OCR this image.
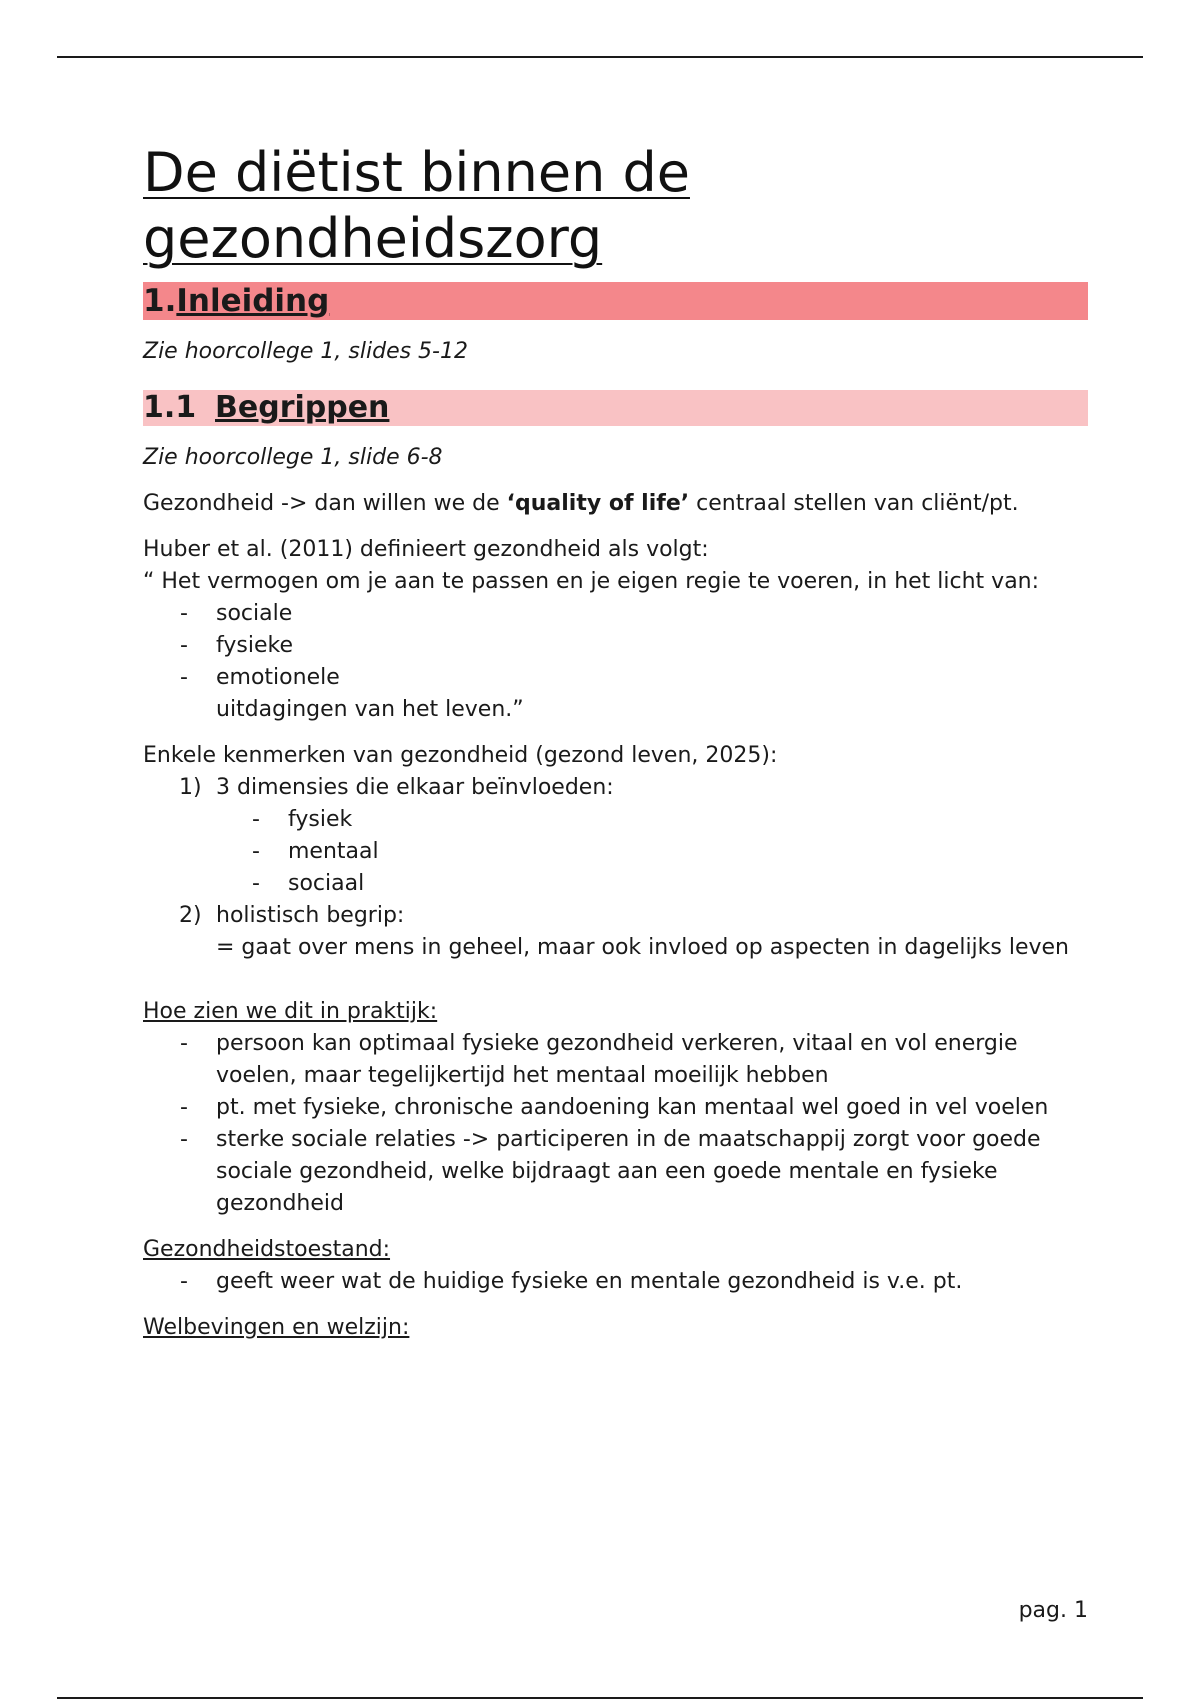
De diëtist binnen de gezondheidszorg
1.Inleiding
Zie hoorcollege 1, slides 5-12
1.1 Begrippen
Zie hoorcollege 1, slide 6-8

Gezondheid -> dan willen we de ‘quality of life’ centraal stellen van cliënt/pt.

Huber et al. (2011) definieert gezondheid als volgt:
“ Het vermogen om je aan te passen en je eigen regie te voeren, in het licht van:

- sociale
- fysieke
- emotionele
uitdagingen van het leven.”

Enkele kenmerken van gezondheid (gezond leven, 2025):

1) 3 dimensies die elkaar beïnvloeden:
- fysiek
- mentaal
- sociaal
2) holistisch begrip:
= gaat over mens in geheel, maar ook invloed op aspecten in dagelijks leven

Hoe zien we dit in praktijk:

- persoon kan optimaal fysieke gezondheid verkeren, vitaal en vol energie voelen, maar tegelijkertijd het mentaal moeilijk hebben
- pt. met fysieke, chronische aandoening kan mentaal wel goed in vel voelen
- sterke sociale relaties -> participeren in de maatschappij zorgt voor goede sociale gezondheid, welke bijdraagt aan een goede mentale en fysieke gezondheid

Gezondheidstoestand:

- geeft weer wat de huidige fysieke en mentale gezondheid is v.e. pt.

Welbevingen en welzijn:

pag. 1
